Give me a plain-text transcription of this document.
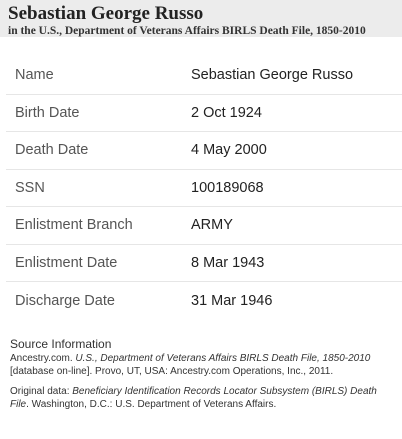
Sebastian George Russo
in the U.S., Department of Veterans Affairs BIRLS Death File, 1850-2010
Name	Sebastian George Russo
Birth Date	2 Oct 1924
Death Date	4 May 2000
SSN	100189068
Enlistment Branch	ARMY
Enlistment Date	8 Mar 1943
Discharge Date	31 Mar 1946
Source Information

Ancestry.com. U.S., Department of Veterans Affairs BIRLS Death File, 1850-2010 [database on-line]. Provo, UT, USA: Ancestry.com Operations, Inc., 2011.

Original data: Beneficiary Identification Records Locator Subsystem (BIRLS) Death File. Washington, D.C.: U.S. Department of Veterans Affairs.
